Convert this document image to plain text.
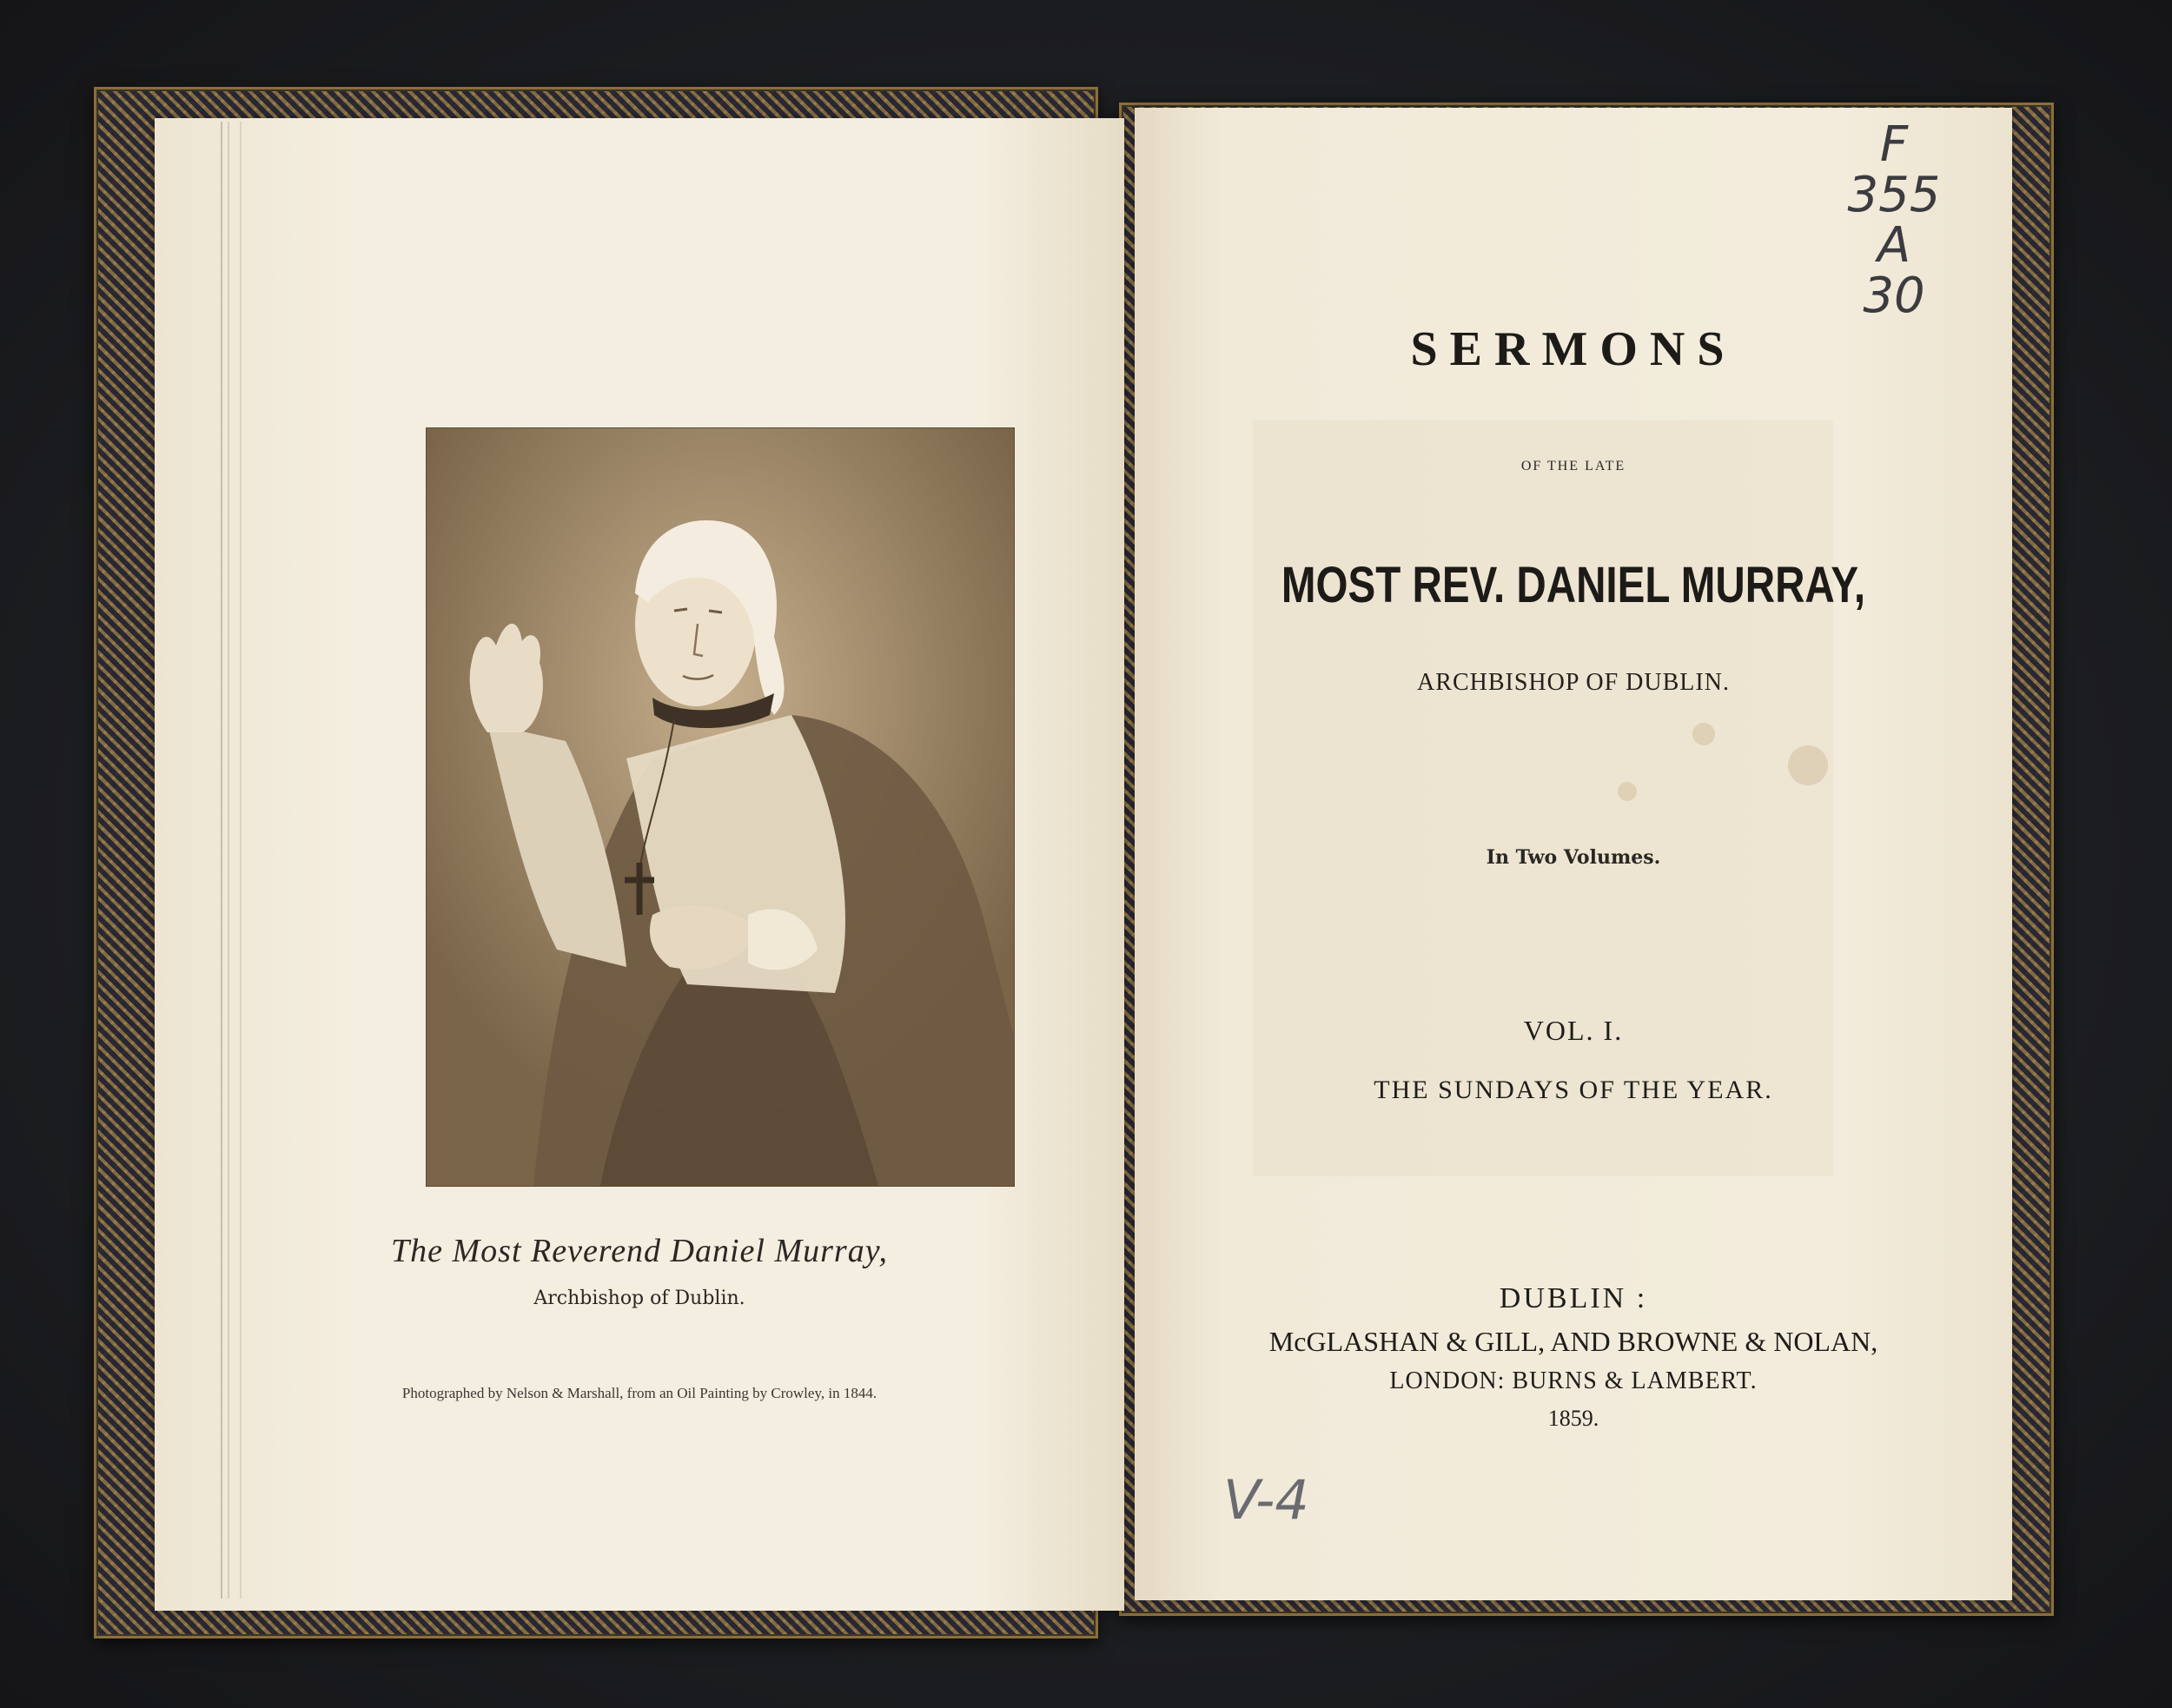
The Most Reverend Daniel Murray,
Archbishop of Dublin.
Photographed by Nelson & Marshall, from an Oil Painting by Crowley, in 1844.
SERMONS
OF THE LATE
MOST REV. DANIEL MURRAY,
ARCHBISHOP OF DUBLIN.
In Two Volumes.
VOL. I.
THE SUNDAYS OF THE YEAR.
DUBLIN :
McGLASHAN & GILL, AND BROWNE & NOLAN,
LONDON: BURNS & LAMBERT.
1859.
F
355
A
30
V-4
